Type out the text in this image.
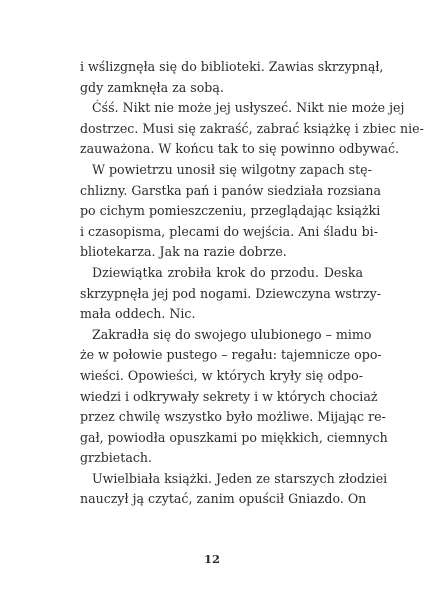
i wślizgnęła się do biblioteki. Zawias skrzypnął,
gdy zamknęła za sobą.

Ćśś. Nikt nie może jej usłyszeć. Nikt nie może jej
dostrzec. Musi się zakraść, zabrać książkę i zbiec nie-
zauważona. W końcu tak to się powinno odbywać.

W powietrzu unosił się wilgotny zapach stę-
chlizny. Garstka pań i panów siedziała rozsiana
po cichym pomieszczeniu, przeglądając książki
i czasopisma, plecami do wejścia. Ani śladu bi-
bliotekarza. Jak na razie dobrze.

Dziewiątka zrobiła krok do przodu. Deska
skrzypnęła jej pod nogami. Dziewczyna wstrzy-
mała oddech. Nic.

Zakradła się do swojego ulubionego – mimo
że w połowie pustego – regału: tajemnicze opo-
wieści. Opowieści, w których kryły się odpo-
wiedzi i odkrywały sekrety i w których chociaż
przez chwilę wszystko było możliwe. Mijając re-
gał, powiodła opuszkami po miękkich, ciemnych
grzbietach.

Uwielbiała książki. Jeden ze starszych złodziei
nauczył ją czytać, zanim opuścił Gniazdo. On

12
